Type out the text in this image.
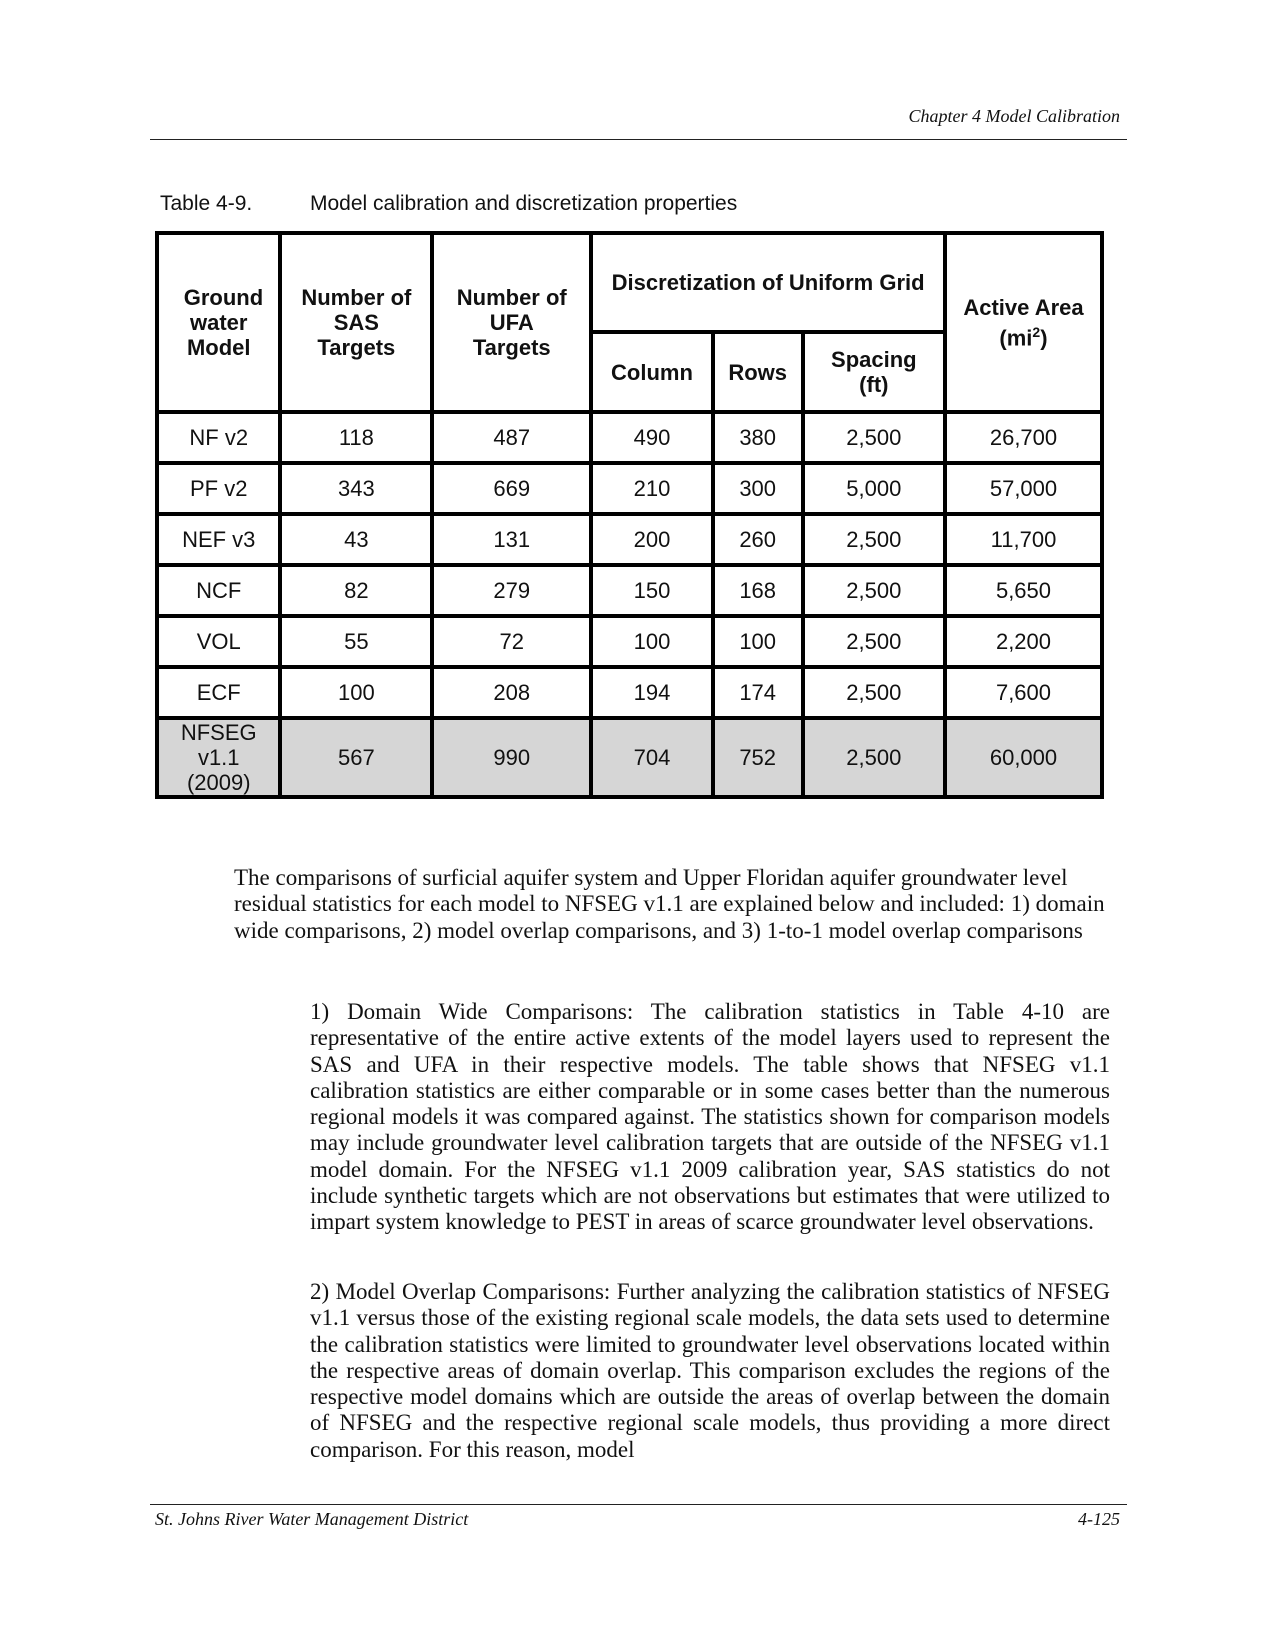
Chapter 4 Model Calibration
Table 4-9.	Model calibration and discretization properties
Ground water Model	Number of SAS Targets	Number of UFA Targets	Discretization of Uniform Grid			Active Area $(mi^2)$

			Column	Rows	Spacing (ft)	

NF v2	118	487	490	380	2,500	26,700
PF v2	343	669	210	300	5,000	57,000
NEF v3	43	131	200	260	2,500	11,700
NCF	82	279	150	168	2,500	5,650
VOL	55	72	100	100	2,500	2,200
ECF	100	208	194	174	2,500	7,600

NFSEG v1.1 (2009)	567	990	704	752	2,500	60,000

The comparisons of surficial aquifer system and Upper Floridan aquifer groundwater level residual statistics for each model to NFSEG v1.1 are explained below and included: 1) domain wide comparisons, 2) model overlap comparisons, and 3) 1-to-1 model overlap comparisons

1) Domain Wide Comparisons: The calibration statistics in Table 4-10 are representative of the entire active extents of the model layers used to represent the SAS and UFA in their respective models. The table shows that NFSEG v1.1 calibration statistics are either comparable or in some cases better than the numerous regional models it was compared against. The statistics shown for comparison models may include groundwater level calibration targets that are outside of the NFSEG v1.1 model domain. For the NFSEG v1.1 2009 calibration year, SAS statistics do not include synthetic targets which are not observations but estimates that were utilized to impart system knowledge to PEST in areas of scarce groundwater level observations.

2) Model Overlap Comparisons: Further analyzing the calibration statistics of NFSEG v1.1 versus those of the existing regional scale models, the data sets used to determine the calibration statistics were limited to groundwater level observations located within the respective areas of domain overlap. This comparison excludes the regions of the respective model domains which are outside the areas of overlap between the domain of NFSEG and the respective regional scale models, thus providing a more direct comparison. For this reason, model

St. Johns River Water Management District	4-125
